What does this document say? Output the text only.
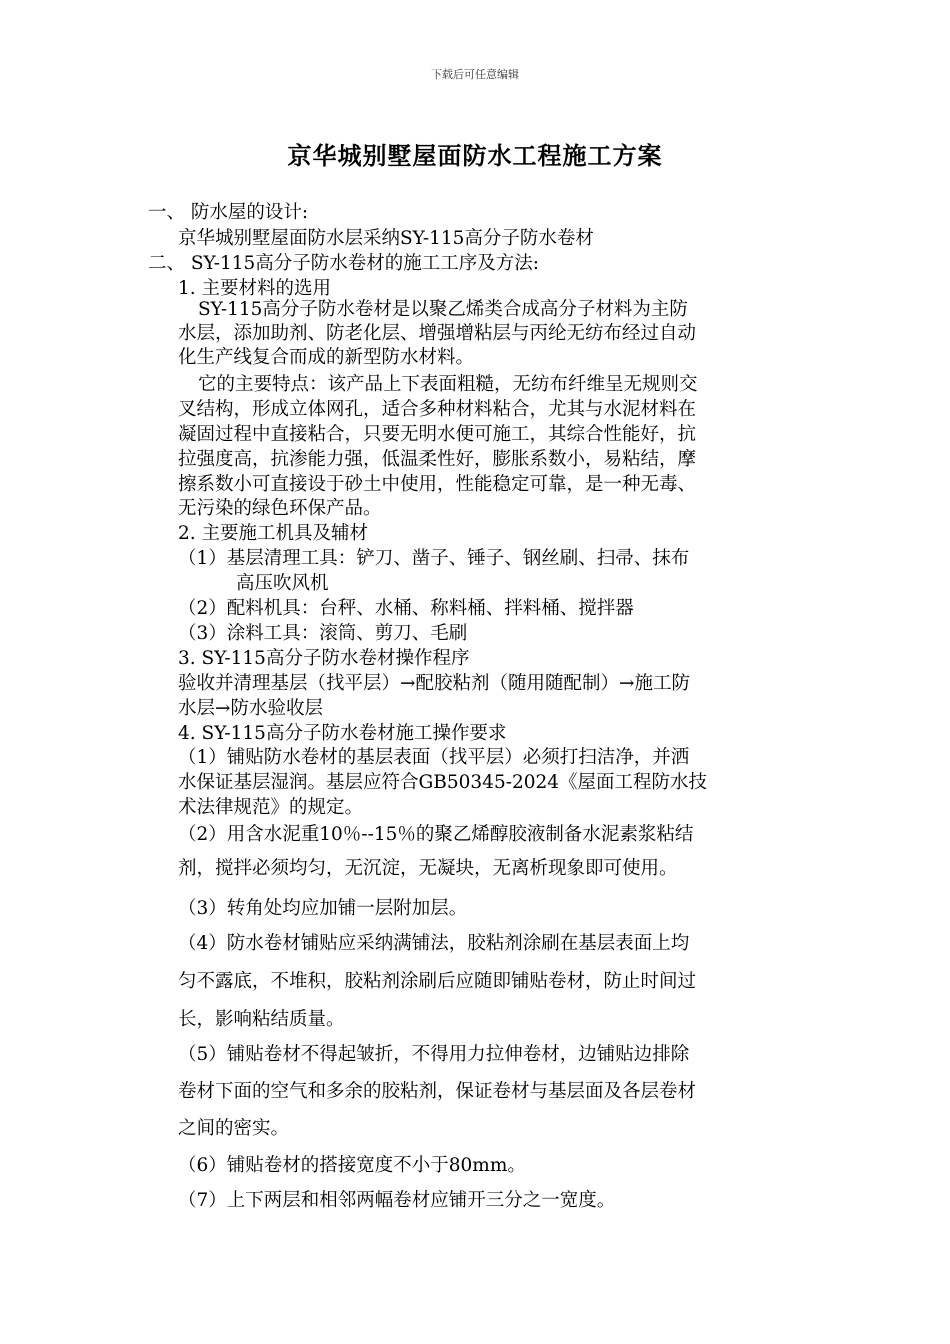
下载后可任意编辑
京华城别墅屋面防水工程施工方案
一、 防水屋的设计:
京华城别墅屋面防水层采纳SY-115高分子防水卷材
二、 SY-115高分子防水卷材的施工工序及方法:
1. 主要材料的选用
SY-115高分子防水卷材是以聚乙烯类合成高分子材料为主防
水层，添加助剂、防老化层、增强增粘层与丙纶无纺布经过自动
化生产线复合而成的新型防水材料。
它的主要特点：该产品上下表面粗糙，无纺布纤维呈无规则交
叉结构，形成立体网孔，适合多种材料粘合，尤其与水泥材料在
凝固过程中直接粘合，只要无明水便可施工，其综合性能好，抗
拉强度高，抗渗能力强，低温柔性好，膨胀系数小，易粘结，摩
擦系数小可直接设于砂土中使用，性能稳定可靠，是一种无毒、
无污染的绿色环保产品。
2. 主要施工机具及辅材
（1）基层清理工具：铲刀、凿子、锤子、钢丝刷、扫帚、抹布
高压吹风机
（2）配料机具：台秤、水桶、称料桶、拌料桶、搅拌器
（3）涂料工具：滚筒、剪刀、毛刷
3. SY-115高分子防水卷材操作程序
验收并清理基层（找平层）→配胶粘剂（随用随配制）→施工防
水层→防水验收层
4. SY-115高分子防水卷材施工操作要求
（1）铺贴防水卷材的基层表面（找平层）必须打扫洁净，并洒
水保证基层湿润。基层应符合GB50345-2024《屋面工程防水技
术法律规范》的规定。
（2）用含水泥重10％--15％的聚乙烯醇胶液制备水泥素浆粘结
剂，搅拌必须均匀，无沉淀，无凝块，无离析现象即可使用。
（3）转角处均应加铺一层附加层。
（4）防水卷材铺贴应采纳满铺法，胶粘剂涂刷在基层表面上均
匀不露底，不堆积，胶粘剂涂刷后应随即铺贴卷材，防止时间过
长，影响粘结质量。
（5）铺贴卷材不得起皱折，不得用力拉伸卷材，边铺贴边排除
卷材下面的空气和多余的胶粘剂，保证卷材与基层面及各层卷材
之间的密实。
（6）铺贴卷材的搭接宽度不小于80mm。
（7）上下两层和相邻两幅卷材应铺开三分之一宽度。
